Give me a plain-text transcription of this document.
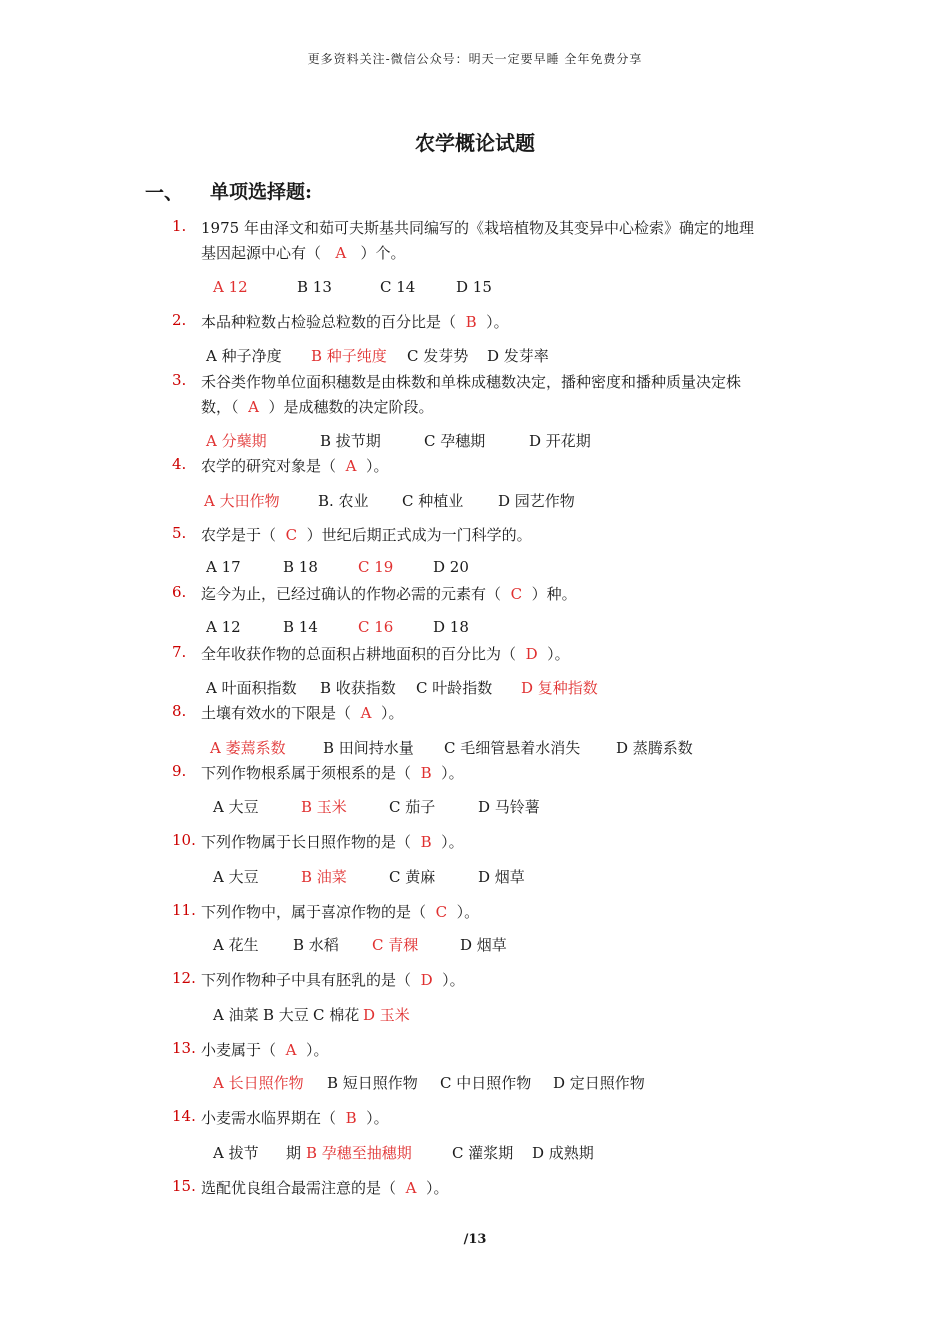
更多资料关注-微信公众号：明天一定要早睡 全年免费分享
农学概论试题
一、 单项选择题:
1. 1975 年由泽文和茹可夫斯基共同编写的《栽培植物及其变异中心检索》确定的地理
基因起源中心有（ A ）个。
A 12	B 13	C 14	D 15
2. 本品种粒数占检验总粒数的百分比是（ B ）。
A 种子净度 B 种子纯度 C 发芽势 D 发芽率
3. 禾谷类作物单位面积穗数是由株数和单株成穗数决定，播种密度和播种质量决定株
数，（ A ）是成穗数的决定阶段。
A 分蘖期	B 拔节期	C 孕穗期	D 开花期
4. 农学的研究对象是（ A ）。
A 大田作物	B. 农业 C 种植业 D 园艺作物
5. 农学是于（ C ）世纪后期正式成为一门科学的。
A 17	B 18	C 19	D 20
6. 迄今为止，已经过确认的作物必需的元素有（ C ）种。
A 12	B 14	C 16	D 18
7. 全年收获作物的总面积占耕地面积的百分比为（ D ）。
A 叶面积指数 B 收获指数 C 叶龄指数 D 复种指数
8. 土壤有效水的下限是（ A ）。
A 萎蔫系数 B 田间持水量 C 毛细管悬着水消失 D 蒸腾系数
9. 下列作物根系属于须根系的是（ B ）。
A 大豆	B 玉米	C 茄子	D 马铃薯
10. 下列作物属于长日照作物的是（ B ）。
A 大豆	B 油菜	C 黄麻	D 烟草
11. 下列作物中，属于喜凉作物的是（ C ）。
A 花生 B 水稻 C 青稞	D 烟草
12. 下列作物种子中具有胚乳的是（ D ）。
A 油菜 B 大豆 C 棉花 D 玉米
13. 小麦属于（ A ）。
A 长日照作物 B 短日照作物 C 中日照作物 D 定日照作物
14. 小麦需水临界期在（ B ）。
A 拔节 期 B 孕穗至抽穗期	C 灌浆期 D 成熟期
15. 选配优良组合最需注意的是（ A ）。
/13
